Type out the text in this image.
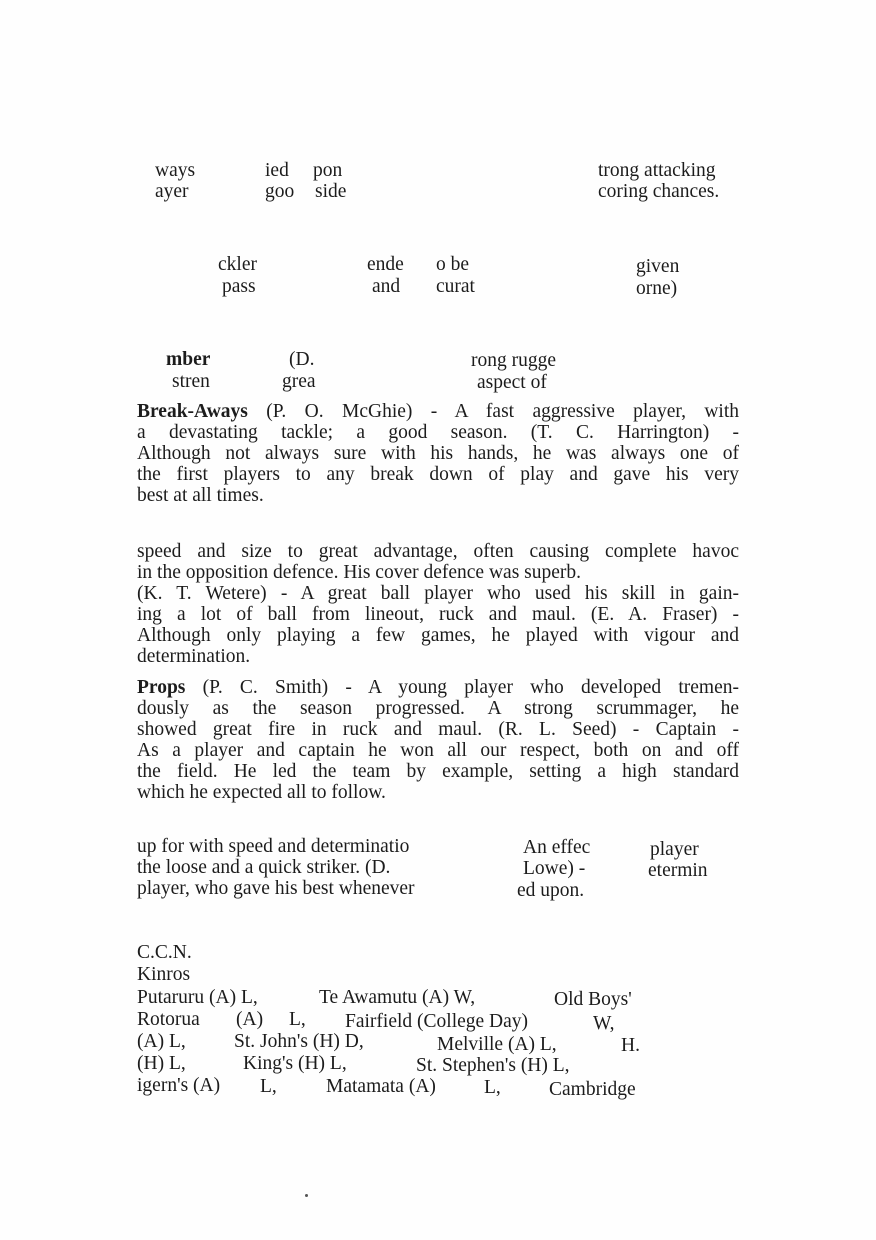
ways	ied pon	trong attacking
ayer	goo side	coring chances.
ckler	ende o be	given
pass	and curat	orne)
mber	(D.	rong rugge
stren	grea	aspect of
Break-Aways (P. O. McGhie) - A fast aggressive player, with
a devastating tackle; a good season. (T. C. Harrington) -
Although not always sure with his hands, he was always one of
the first players to any break down of play and gave his very
best at all times.
speed and size to great advantage, often causing complete havoc
in the opposition defence. His cover defence was superb.
(K. T. Wetere) - A great ball player who used his skill in gain-
ing a lot of ball from lineout, ruck and maul. (E. A. Fraser) -
Although only playing a few games, he played with vigour and
determination.
Props (P. C. Smith) - A young player who developed tremen-
dously as the season progressed. A strong scrummager, he
showed great fire in ruck and maul. (R. L. Seed) - Captain -
As a player and captain he won all our respect, both on and off
the field. He led the team by example, setting a high standard
which he expected all to follow.
up for with speed and determinatio	An effec	player
the loose and a quick striker. (D.	Lowe) -	etermin
player, who gave his best whenever	ed upon.
C.C.N.
Kinros
Putaruru (A) L,	Te Awamutu (A) W,	Old Boys'
Rotorua (A) L, Fairfield (College Day)	W,
(A) L, St. John's (H) D,	Melville (A) L,	H.
(H) L,	King's (H) L,	St. Stephen's (H) L,
igern's (A) L,	Matamata (A) L, Cambridge
